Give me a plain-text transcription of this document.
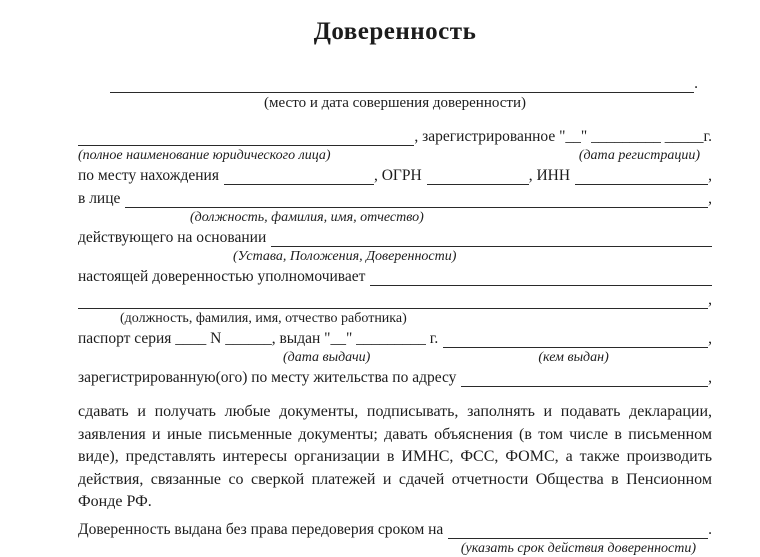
Доверенность
.
(место и дата совершения доверенности)
, зарегистрированное "__" _________ _____г.
(полное наименование юридического лица)	(дата регистрации)
по месту нахождения	, ОГРН	, ИНН	,
в лице	,
(должность, фамилия, имя, отчество)
действующего на основании
(Устава, Положения, Доверенности)
настоящей доверенностью уполномочивает
,
(должность, фамилия, имя, отчество работника)
паспорт серия ____ N ______, выдан "__" _________ г.	,
(дата выдачи)	(кем выдан)
зарегистрированную(ого) по месту жительства по адресу	,
сдавать и получать любые документы, подписывать, заполнять и подавать декларации, заявления и иные письменные документы; давать объяснения (в том числе в письменном виде), представлять интересы организации в ИМНС, ФСС, ФОМС, а также производить действия, связанные со сверкой платежей и сдачей отчетности Общества в Пенсионном Фонде РФ.
Доверенность выдана без права передоверия сроком на	.
(указать срок действия доверенности)
